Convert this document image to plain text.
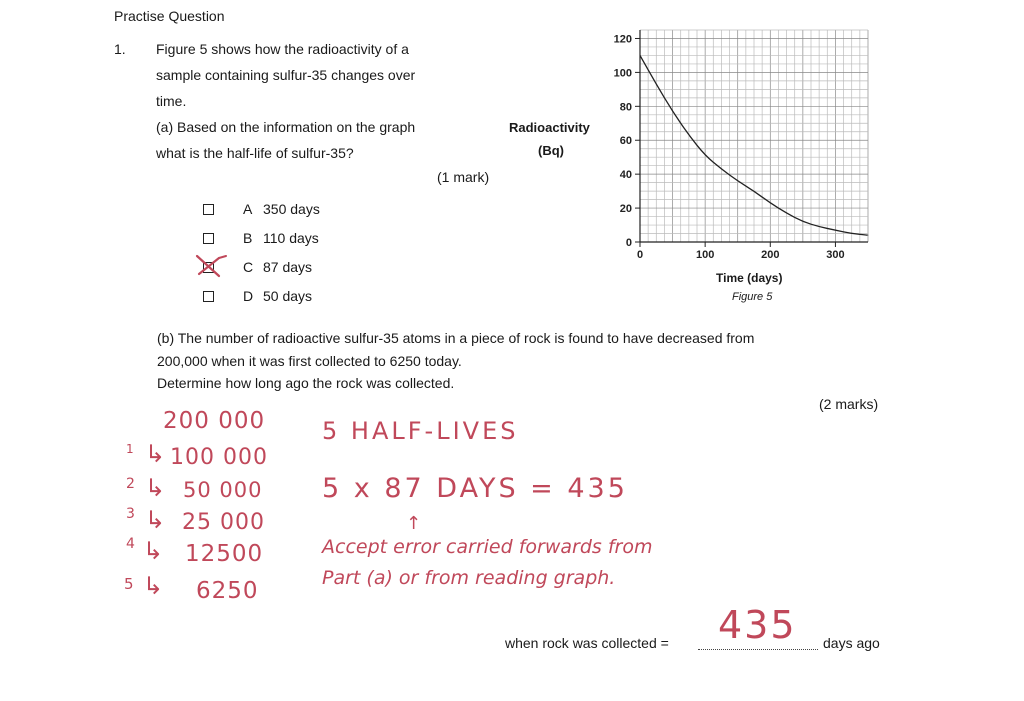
Practise Question
1. Figure 5 shows how the radioactivity of a
sample containing sulfur-35 changes over
time.
(a) Based on the information on the graph
what is the half-life of sulfur-35?
(1 mark)
A 350 days
B 110 days
C 87 days
D 50 days
Radioactivity
(Bq)
0
20
40
60
80
100
120
0	100	200	300
Time (days)
Figure 5
(b) The number of radioactive sulfur-35 atoms in a piece of rock is found to have decreased from
200,000 when it was first collected to 6250 today.
Determine how long ago the rock was collected.
(2 marks)
200 000
1 ↳ 100 000
2 ↳ 50 000
3 ↳ 25 000
4 ↳ 12500
5 ↳ 6250
5 HALF-LIVES
5 x 87 DAYS = 435
↑
Accept error carried forwards from
Part (a) or from reading graph.
when rock was collected = 435 days ago
